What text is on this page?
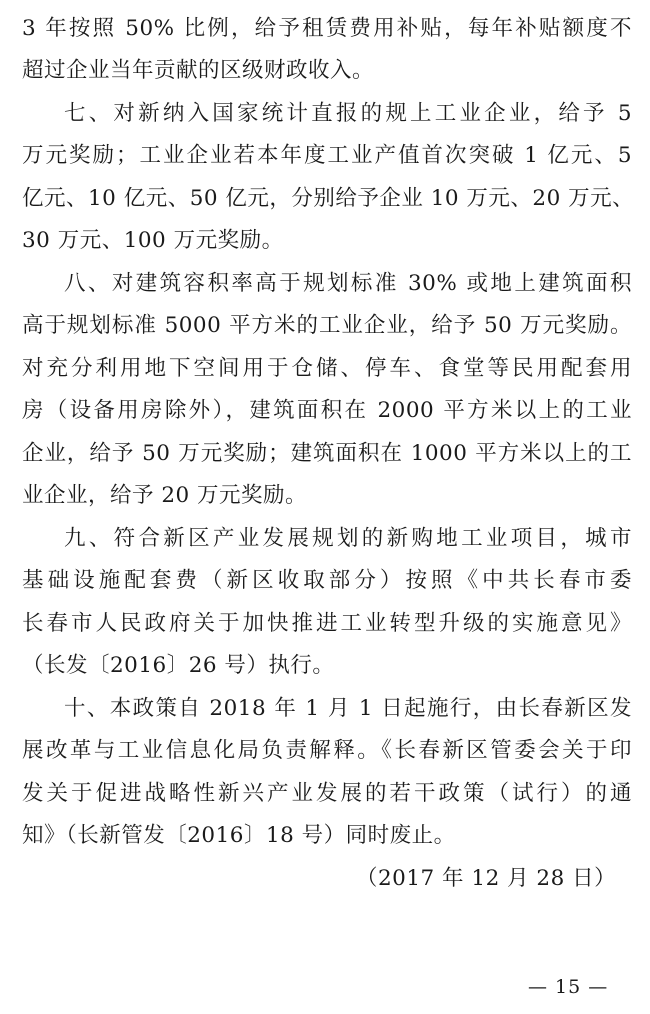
3 年按照 50% 比例，给予租赁费用补贴，每年补贴额度不
超过企业当年贡献的区级财政收入。
七、对新纳入国家统计直报的规上工业企业，给予 5
万元奖励；工业企业若本年度工业产值首次突破 1 亿元、5
亿元、10 亿元、50 亿元，分别给予企业 10 万元、20 万元、
30 万元、100 万元奖励。
八、对建筑容积率高于规划标准 30% 或地上建筑面积
高于规划标准 5000 平方米的工业企业，给予 50 万元奖励。
对充分利用地下空间用于仓储、停车、食堂等民用配套用
房（设备用房除外），建筑面积在 2000 平方米以上的工业
企业，给予 50 万元奖励；建筑面积在 1000 平方米以上的工
业企业，给予 20 万元奖励。
九、符合新区产业发展规划的新购地工业项目，城市
基础设施配套费（新区收取部分）按照《中共长春市委
长春市人民政府关于加快推进工业转型升级的实施意见》
（长发〔2016〕26 号）执行。
十、本政策自 2018 年 1 月 1 日起施行，由长春新区发
展改革与工业信息化局负责解释。《长春新区管委会关于印
发关于促进战略性新兴产业发展的若干政策（试行）的通
知》（长新管发〔2016〕18 号）同时废止。
（2017 年 12 月 28 日）
— 15 —
